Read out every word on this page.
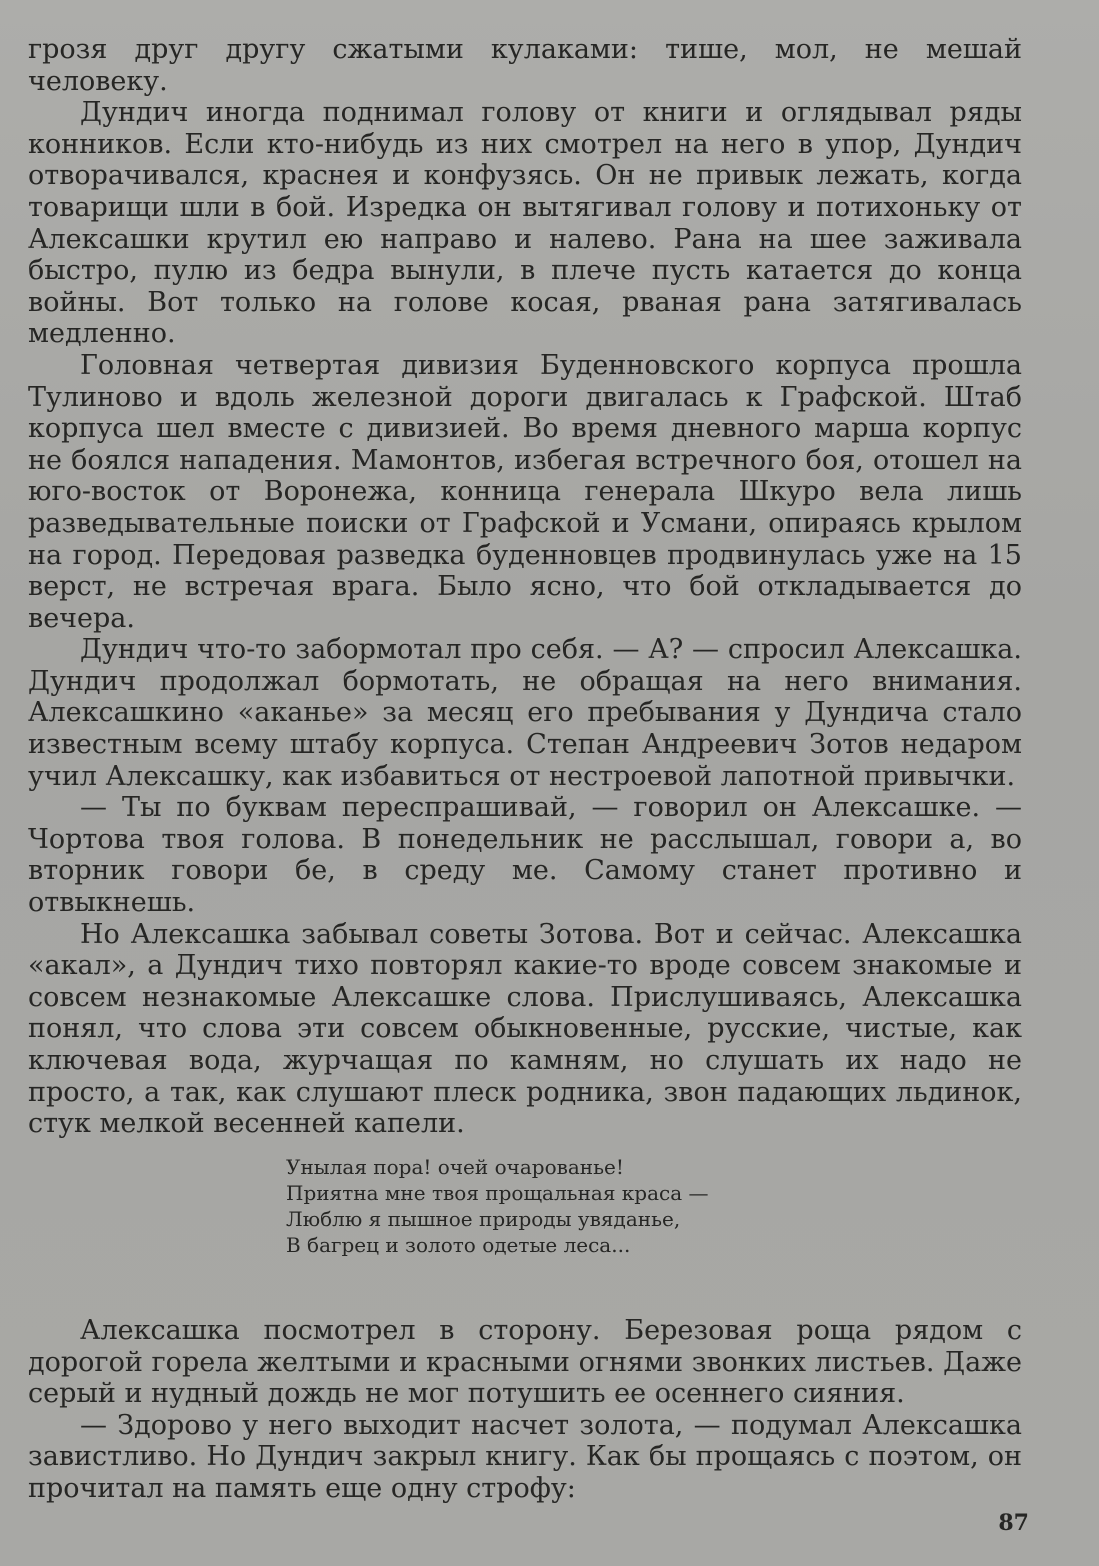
грозя друг другу сжатыми кулаками: тише, мол, не мешай человеку.

Дундич иногда поднимал голову от книги и оглядывал ряды конников. Если кто-нибудь из них смотрел на него в упор, Дундич отворачивался, краснея и конфузясь. Он не привык лежать, когда товарищи шли в бой. Изредка он вытягивал голову и потихоньку от Алексашки крутил ею направо и налево. Рана на шее заживала быстро, пулю из бедра вынули, в плече пусть катается до конца войны. Вот только на голове косая, рваная рана затягивалась медленно.

Головная четвертая дивизия Буденновского корпуса прошла Тулиново и вдоль железной дороги двигалась к Графской. Штаб корпуса шел вместе с дивизией. Во время дневного марша корпус не боялся нападения. Мамонтов, избегая встречного боя, отошел на юго-восток от Воронежа, конница генерала Шкуро вела лишь разведывательные поиски от Графской и Усмани, опираясь крылом на город. Передовая разведка буденновцев продвинулась уже на 15 верст, не встречая врага. Было ясно, что бой откладывается до вечера.

Дундич что-то забормотал про себя. — А? — спросил Алексашка. Дундич продолжал бормотать, не обращая на него внимания. Алексашкино «аканье» за месяц его пребывания у Дундича стало известным всему штабу корпуса. Степан Андреевич Зотов недаром учил Алексашку, как избавиться от нестроевой лапотной привычки.

— Ты по буквам переспрашивай, — говорил он Алексашке. — Чортова твоя голова. В понедельник не расслышал, говори а, во вторник говори бе, в среду ме. Самому станет противно и отвыкнешь.

Но Алексашка забывал советы Зотова. Вот и сейчас. Алексашка «акал», а Дундич тихо повторял какие-то вроде совсем знакомые и совсем незнакомые Алексашке слова. Прислушиваясь, Алексашка понял, что слова эти совсем обыкновенные, русские, чистые, как ключевая вода, журчащая по камням, но слушать их надо не просто, а так, как слушают плеск родника, звон падающих льдинок, стук мелкой весенней капели.

Унылая пора! очей очарованье!
Приятна мне твоя прощальная краса —
Люблю я пышное природы увяданье,
В багрец и золото одетые леса...

Алексашка посмотрел в сторону. Березовая роща рядом с дорогой горела желтыми и красными огнями звонких листьев. Даже серый и нудный дождь не мог потушить ее осеннего сияния.

— Здорово у него выходит насчет золота, — подумал Алексашка завистливо. Но Дундич закрыл книгу. Как бы прощаясь с поэтом, он прочитал на память еще одну строфу:

87
